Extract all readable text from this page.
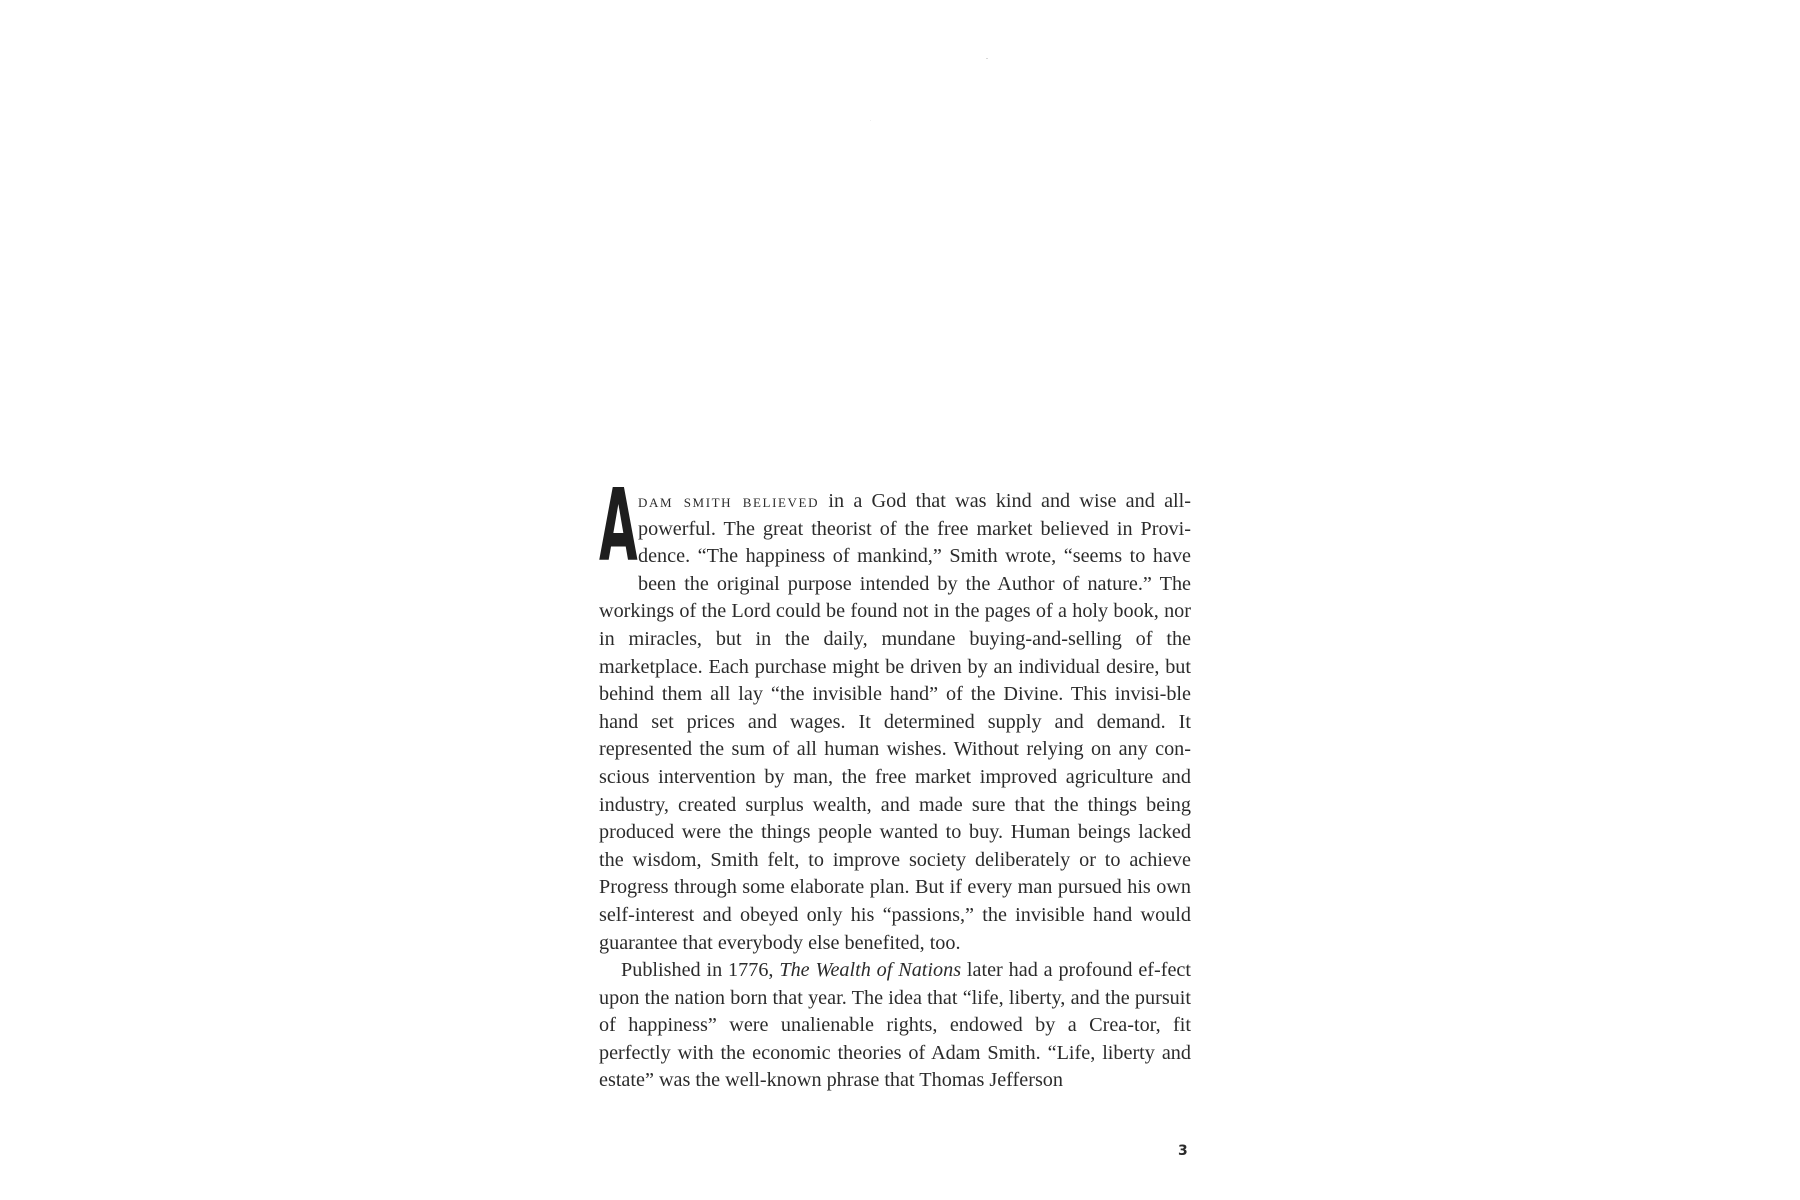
A dam smith believed in a God that was kind and wise and all-powerful. The great theorist of the free market believed in Provi-dence. “The happiness of mankind,” Smith wrote, “seems to have been the original purpose intended by the Author of nature.” The workings of the Lord could be found not in the pages of a holy book, nor in miracles, but in the daily, mundane buying-and-selling of the marketplace. Each purchase might be driven by an individual desire, but behind them all lay “the invisible hand” of the Divine. This invisi-ble hand set prices and wages. It determined supply and demand. It represented the sum of all human wishes. Without relying on any con-scious intervention by man, the free market improved agriculture and industry, created surplus wealth, and made sure that the things being produced were the things people wanted to buy. Human beings lacked the wisdom, Smith felt, to improve society deliberately or to achieve Progress through some elaborate plan. But if every man pursued his own self-interest and obeyed only his “passions,” the invisible hand would guarantee that everybody else benefited, too.

Published in 1776, The Wealth of Nations later had a profound ef-fect upon the nation born that year. The idea that “life, liberty, and the pursuit of happiness” were unalienable rights, endowed by a Crea-tor, fit perfectly with the economic theories of Adam Smith. “Life, liberty and estate” was the well-known phrase that Thomas Jefferson

3
